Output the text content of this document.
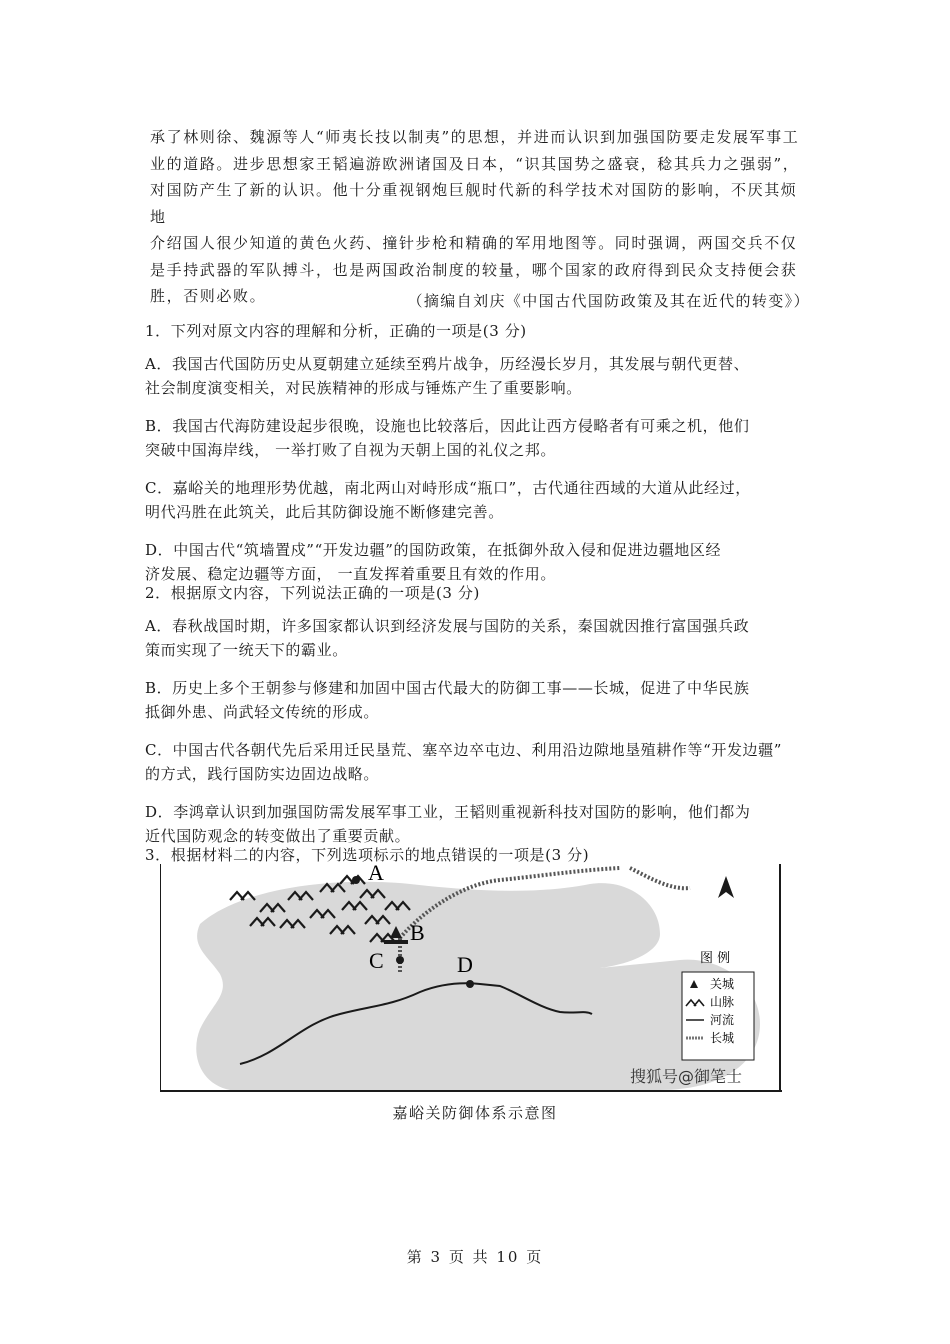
承了林则徐、魏源等人“师夷长技以制夷”的思想，并进而认识到加强国防要走发展军事工

业的道路。进步思想家王韬遍游欧洲诸国及日本，“识其国势之盛衰，稔其兵力之强弱”，

对国防产生了新的认识。他十分重视钢炮巨舰时代新的科学技术对国防的影响，不厌其烦地

介绍国人很少知道的黄色火药、撞针步枪和精确的军用地图等。同时强调，两国交兵不仅

是手持武器的军队搏斗，也是两国政治制度的较量，哪个国家的政府得到民众支持便会获

胜，否则必败。	（摘编自刘庆《中国古代国防政策及其在近代的转变》）

1．下列对原文内容的理解和分析，正确的一项是(3 分)

A．我国古代国防历史从夏朝建立延续至鸦片战争，历经漫长岁月，其发展与朝代更替、

社会制度演变相关，对民族精神的形成与锤炼产生了重要影响。

B．我国古代海防建设起步很晚，设施也比较落后，因此让西方侵略者有可乘之机，他们

突破中国海岸线， 一举打败了自视为天朝上国的礼仪之邦。

C．嘉峪关的地理形势优越，南北两山对峙形成“瓶口”，古代通往西域的大道从此经过，

明代冯胜在此筑关，此后其防御设施不断修建完善。

D．中国古代“筑墙置戍”“开发边疆”的国防政策，在抵御外敌入侵和促进边疆地区经

济发展、稳定边疆等方面， 一直发挥着重要且有效的作用。

2．根据原文内容，下列说法正确的一项是(3 分)

A．春秋战国时期，许多国家都认识到经济发展与国防的关系，秦国就因推行富国强兵政

策而实现了一统天下的霸业。

B．历史上多个王朝参与修建和加固中国古代最大的防御工事——长城，促进了中华民族

抵御外患、尚武轻文传统的形成。

C．中国古代各朝代先后采用迁民垦荒、塞卒边卒屯边、利用沿边隙地垦殖耕作等“开发边疆”

的方式，践行国防实边固边战略。

D．李鸿章认识到加强国防需发展军事工业，王韬则重视新科技对国防的影响，他们都为

近代国防观念的转变做出了重要贡献。

3．根据材料二的内容，下列选项标示的地点错误的一项是(3 分)

A
B
C	D	图 例
关城
山脉
河流
长城
搜狐号@御笔士
嘉峪关防御体系示意图
第 3 页 共 10 页
